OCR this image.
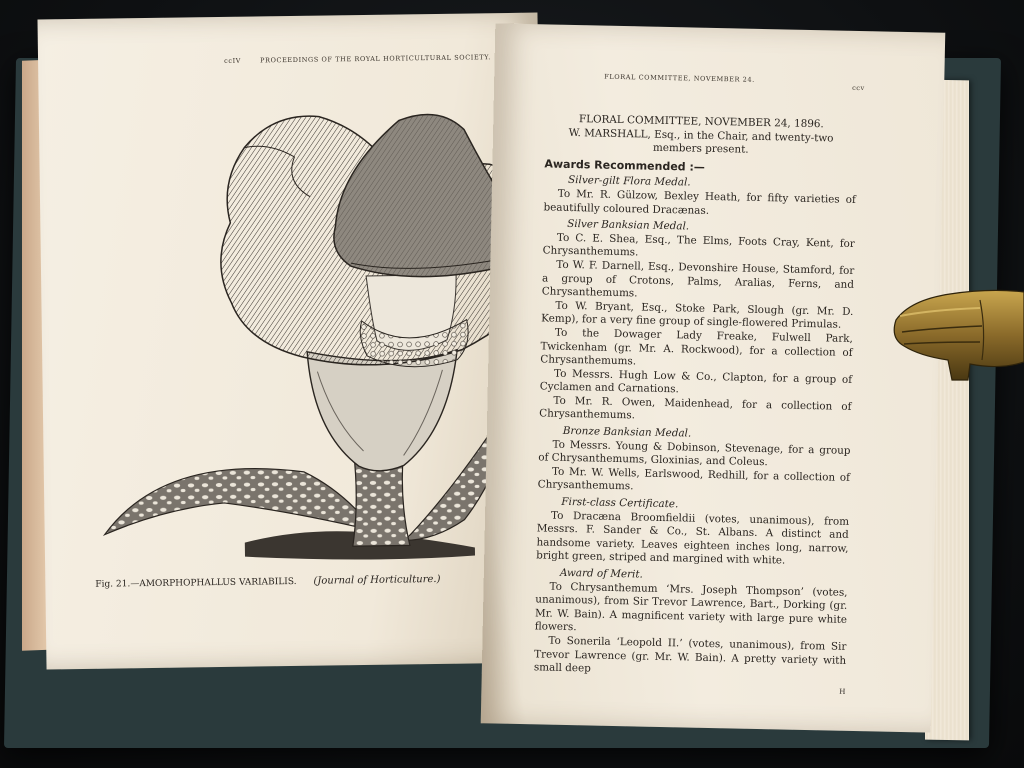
ccIV	PROCEEDINGS OF THE ROYAL HORTICULTURAL SOCIETY.
Fig. 21.—AMORPHOPHALLUS VARIABILIS. (Journal of Horticulture.)
FLORAL COMMITTEE, NOVEMBER 24.
ccv

FLORAL COMMITTEE, NOVEMBER 24, 1896.

W. MARSHALL, Esq., in the Chair, and twenty-two members present.

Awards Recommended :—

Silver-gilt Flora Medal.

To Mr. R. Gülzow, Bexley Heath, for fifty varieties of beautifully coloured Dracænas.

Silver Banksian Medal.

To C. E. Shea, Esq., The Elms, Foots Cray, Kent, for Chrysanthemums.

To W. F. Darnell, Esq., Devonshire House, Stamford, for a group of Crotons, Palms, Aralias, Ferns, and Chrysanthemums.

To W. Bryant, Esq., Stoke Park, Slough (gr. Mr. D. Kemp), for a very fine group of single-flowered Primulas.

To the Dowager Lady Freake, Fulwell Park, Twickenham (gr. Mr. A. Rockwood), for a collection of Chrysanthemums.

To Messrs. Hugh Low & Co., Clapton, for a group of Cyclamen and Carnations.

To Mr. R. Owen, Maidenhead, for a collection of Chrysanthemums.

Bronze Banksian Medal.

To Messrs. Young & Dobinson, Stevenage, for a group of Chrysanthemums, Gloxinias, and Coleus.

To Mr. W. Wells, Earlswood, Redhill, for a collection of Chrysanthemums.

First-class Certificate.

To Dracæna Broomfieldii (votes, unanimous), from Messrs. F. Sander & Co., St. Albans. A distinct and handsome variety. Leaves eighteen inches long, narrow, bright green, striped and margined with white.

Award of Merit.

To Chrysanthemum ‘Mrs. Joseph Thompson’ (votes, unanimous), from Sir Trevor Lawrence, Bart., Dorking (gr. Mr. W. Bain). A magnificent variety with large pure white flowers.

To Sonerila ‘Leopold II.’ (votes, unanimous), from Sir Trevor Lawrence (gr. Mr. W. Bain). A pretty variety with small deep

H
